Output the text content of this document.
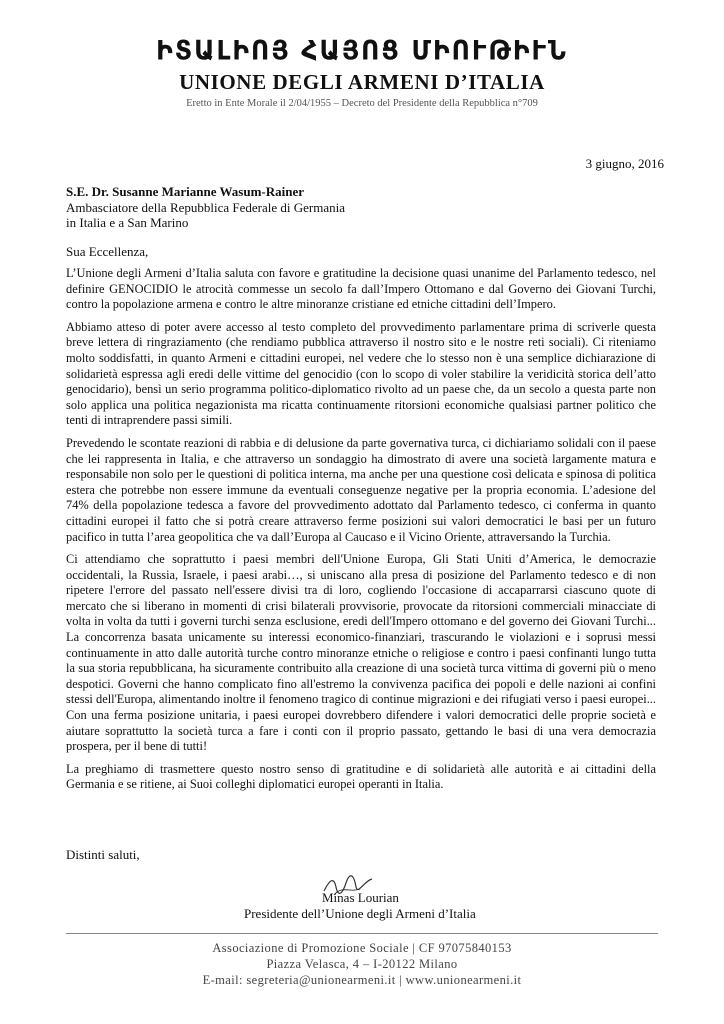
ԻՏԱԼԻՈՅ ՀԱՅՈՑ ՄԻՈՒԹԻՒՆ
UNIONE DEGLI ARMENI D’ITALIA
Eretto in Ente Morale il 2/04/1955 – Decreto del Presidente della Repubblica n°709
3 giugno, 2016
S.E. Dr. Susanne Marianne Wasum-Rainer
Ambasciatore della Repubblica Federale di Germania
in Italia e a San Marino
Sua Eccellenza,

L’Unione degli Armeni d’Italia saluta con favore e gratitudine la decisione quasi unanime del Parlamento tedesco, nel definire GENOCIDIO le atrocità commesse un secolo fa dall’Impero Ottomano e dal Governo dei Giovani Turchi, contro la popolazione armena e contro le altre minoranze cristiane ed etniche cittadini dell’Impero.

Abbiamo atteso di poter avere accesso al testo completo del provvedimento parlamentare prima di scriverle questa breve lettera di ringraziamento (che rendiamo pubblica attraverso il nostro sito e le nostre reti sociali). Ci riteniamo molto soddisfatti, in quanto Armeni e cittadini europei, nel vedere che lo stesso non è una semplice dichiarazione di solidarietà espressa agli eredi delle vittime del genocidio (con lo scopo di voler stabilire la veridicità storica dell’atto genocidario), bensì un serio programma politico-diplomatico rivolto ad un paese che, da un secolo a questa parte non solo applica una politica negazionista ma ricatta continuamente ritorsioni economiche qualsiasi partner politico che tenti di intraprendere passi simili.

Prevedendo le scontate reazioni di rabbia e di delusione da parte governativa turca, ci dichiariamo solidali con il paese che lei rappresenta in Italia, e che attraverso un sondaggio ha dimostrato di avere una società largamente matura e responsabile non solo per le questioni di politica interna, ma anche per una questione così delicata e spinosa di politica estera che potrebbe non essere immune da eventuali conseguenze negative per la propria economia. L’adesione del 74% della popolazione tedesca a favore del provvedimento adottato dal Parlamento tedesco, ci conferma in quanto cittadini europei il fatto che si potrà creare attraverso ferme posizioni sui valori democratici le basi per un futuro pacifico in tutta l’area geopolitica che va dall’Europa al Caucaso e il Vicino Oriente, attraversando la Turchia.

Ci attendiamo che soprattutto i paesi membri dell'Unione Europa, Gli Stati Uniti d’America, le democrazie occidentali, la Russia, Israele, i paesi arabi…, si uniscano alla presa di posizione del Parlamento tedesco e di non ripetere l'errore del passato nell'essere divisi tra di loro, cogliendo l'occasione di accaparrarsi ciascuno quote di mercato che si liberano in momenti di crisi bilaterali provvisorie, provocate da ritorsioni commerciali minacciate di volta in volta da tutti i governi turchi senza esclusione, eredi dell'Impero ottomano e del governo dei Giovani Turchi... La concorrenza basata unicamente su interessi economico-finanziari, trascurando le violazioni e i soprusi messi continuamente in atto dalle autorità turche contro minoranze etniche o religiose e contro i paesi confinanti lungo tutta la sua storia repubblicana, ha sicuramente contribuito alla creazione di una società turca vittima di governi più o meno despotici. Governi che hanno complicato fino all'estremo la convivenza pacifica dei popoli e delle nazioni ai confini stessi dell'Europa, alimentando inoltre il fenomeno tragico di continue migrazioni e dei rifugiati verso i paesi europei... Con una ferma posizione unitaria, i paesi europei dovrebbero difendere i valori democratici delle proprie società e aiutare soprattutto la società turca a fare i conti con il proprio passato, gettando le basi di una vera democrazia prospera, per il bene di tutti!

La preghiamo di trasmettere questo nostro senso di gratitudine e di solidarietà alle autorità e ai cittadini della Germania e se ritiene, ai Suoi colleghi diplomatici europei operanti in Italia.

Distinti saluti,
Minas Lourian
Presidente dell’Unione degli Armeni d’Italia
Associazione di Promozione Sociale | CF 97075840153
Piazza Velasca, 4 – I-20122 Milano
E-mail: segreteria@unionearmeni.it | www.unionearmeni.it
